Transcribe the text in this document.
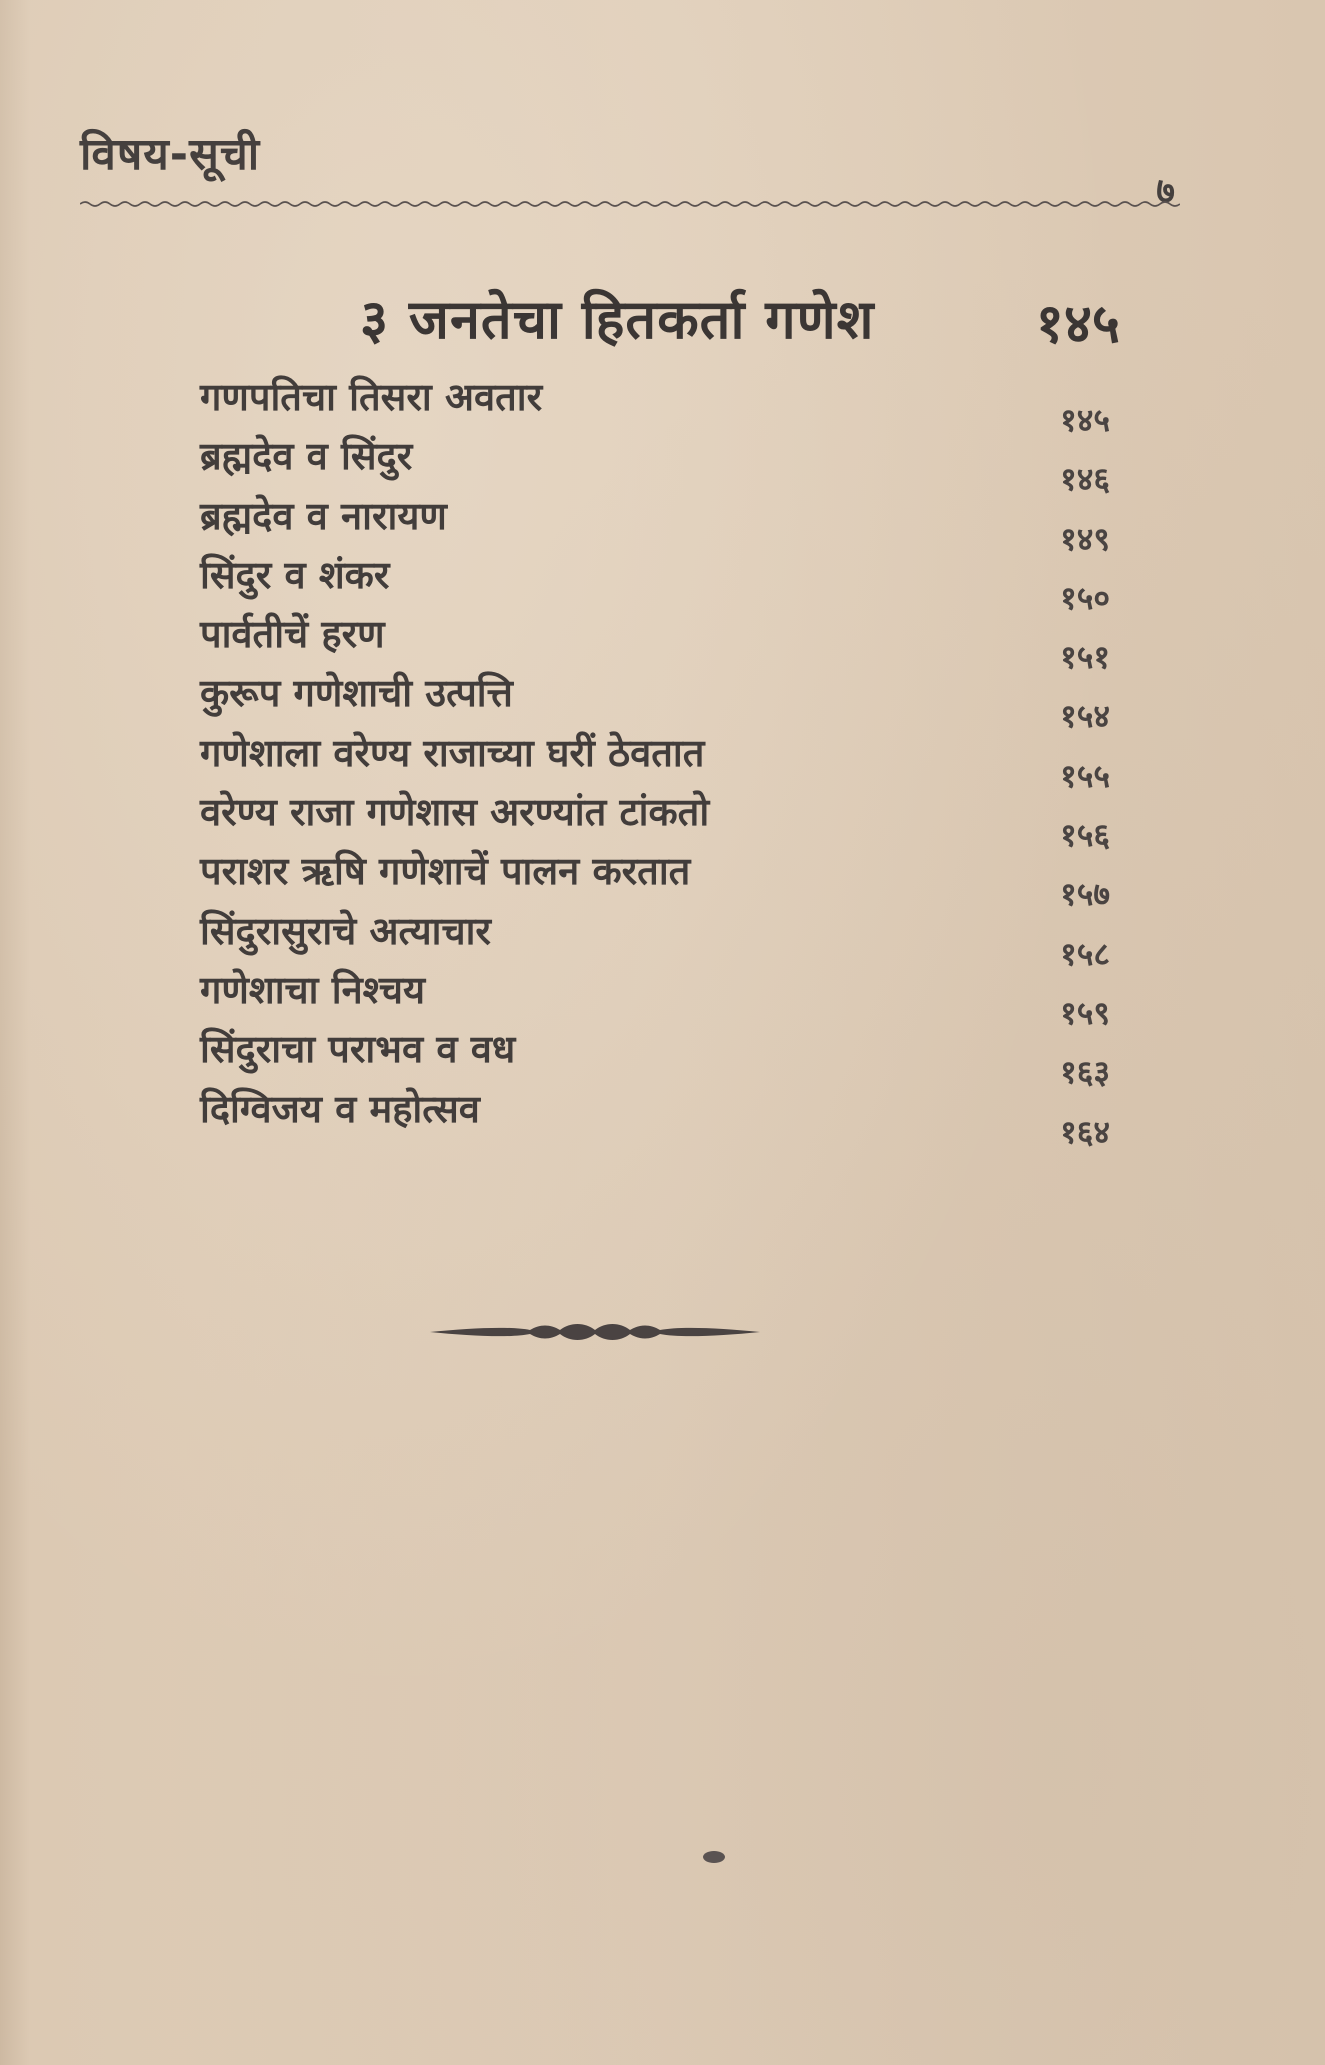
विषय-सूची
७
३ जनतेचा हितकर्ता गणेश	१४५
गणपतिचा तिसरा अवतार
१४५
ब्रह्मदेव व सिंदुर
१४६
ब्रह्मदेव व नारायण
१४९
सिंदुर व शंकर
१५०
पार्वतीचें हरण
१५१
कुरूप गणेशाची उत्पत्ति
१५४
गणेशाला वरेण्य राजाच्या घरीं ठेवतात
१५५
वरेण्य राजा गणेशास अरण्यांत टांकतो
१५६
पराशर ऋषि गणेशाचें पालन करतात
१५७
सिंदुरासुराचे अत्याचार
१५८
गणेशाचा निश्चय
१५९
सिंदुराचा पराभव व वध
१६३
दिग्विजय व महोत्सव
१६४
